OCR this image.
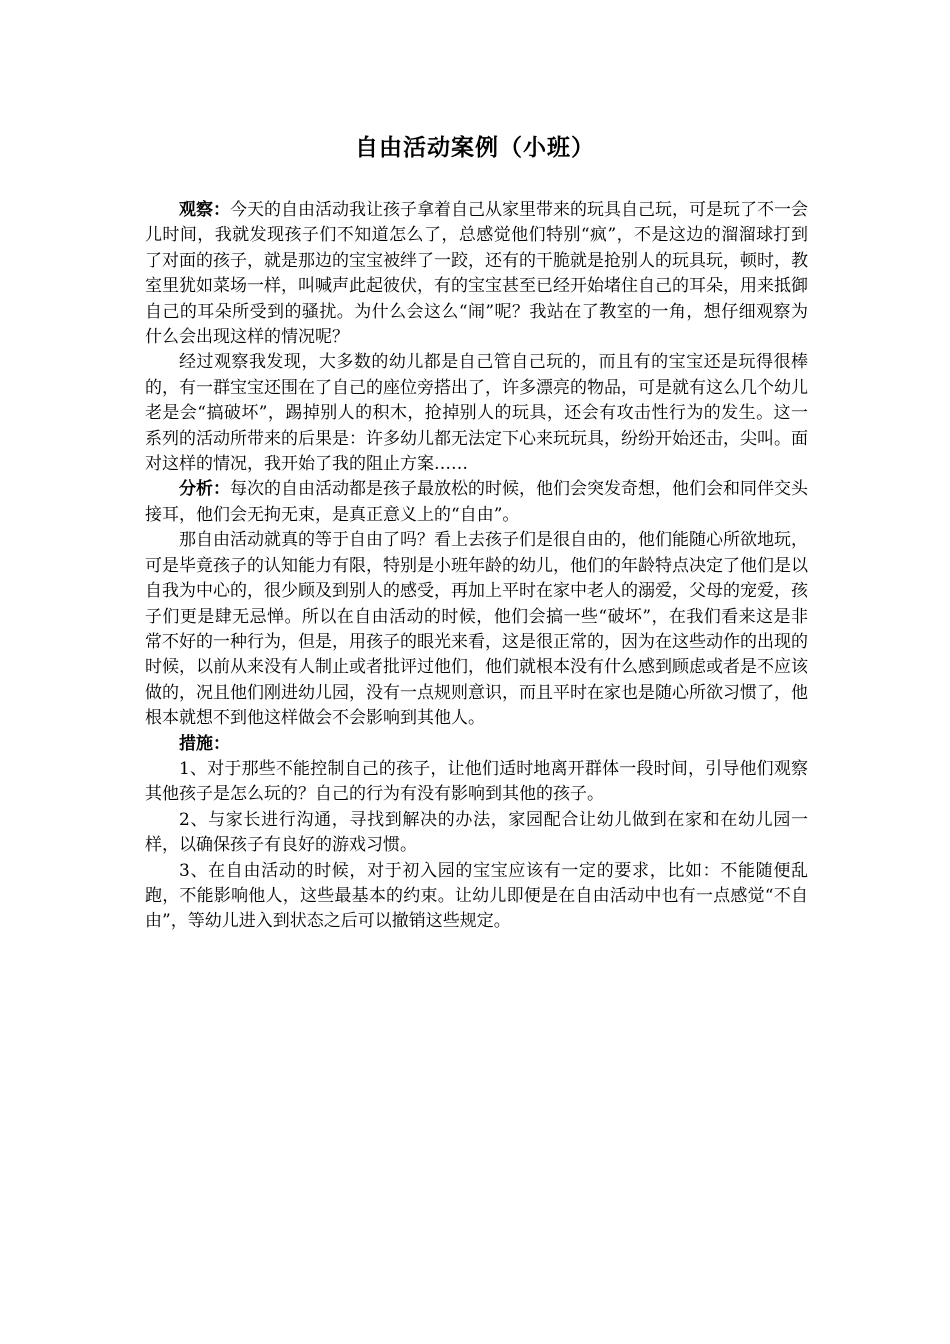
自由活动案例（小班）

观察：今天的自由活动我让孩子拿着自己从家里带来的玩具自己玩，可是玩了不一会儿时间，我就发现孩子们不知道怎么了，总感觉他们特别“疯”，不是这边的溜溜球打到了对面的孩子，就是那边的宝宝被绊了一跤，还有的干脆就是抢别人的玩具玩，顿时，教室里犹如菜场一样，叫喊声此起彼伏，有的宝宝甚至已经开始堵住自己的耳朵，用来抵御自己的耳朵所受到的骚扰。为什么会这么“闹”呢？我站在了教室的一角，想仔细观察为什么会出现这样的情况呢？

经过观察我发现，大多数的幼儿都是自己管自己玩的，而且有的宝宝还是玩得很棒的，有一群宝宝还围在了自己的座位旁搭出了，许多漂亮的物品，可是就有这么几个幼儿老是会“搞破坏”，踢掉别人的积木，抢掉别人的玩具，还会有攻击性行为的发生。这一系列的活动所带来的后果是：许多幼儿都无法定下心来玩玩具，纷纷开始还击，尖叫。面对这样的情况，我开始了我的阻止方案……

分析：每次的自由活动都是孩子最放松的时候，他们会突发奇想，他们会和同伴交头接耳，他们会无拘无束，是真正意义上的“自由”。

那自由活动就真的等于自由了吗？看上去孩子们是很自由的，他们能随心所欲地玩，可是毕竟孩子的认知能力有限，特别是小班年龄的幼儿，他们的年龄特点决定了他们是以自我为中心的，很少顾及到别人的感受，再加上平时在家中老人的溺爱，父母的宠爱，孩子们更是肆无忌惮。所以在自由活动的时候，他们会搞一些“破坏”，在我们看来这是非常不好的一种行为，但是，用孩子的眼光来看，这是很正常的，因为在这些动作的出现的时候，以前从来没有人制止或者批评过他们，他们就根本没有什么感到顾虑或者是不应该做的，况且他们刚进幼儿园，没有一点规则意识，而且平时在家也是随心所欲习惯了，他根本就想不到他这样做会不会影响到其他人。

措施：

1、对于那些不能控制自己的孩子，让他们适时地离开群体一段时间，引导他们观察其他孩子是怎么玩的？自己的行为有没有影响到其他的孩子。

2、与家长进行沟通，寻找到解决的办法，家园配合让幼儿做到在家和在幼儿园一样，以确保孩子有良好的游戏习惯。

3、在自由活动的时候，对于初入园的宝宝应该有一定的要求，比如：不能随便乱跑，不能影响他人，这些最基本的约束。让幼儿即便是在自由活动中也有一点感觉“不自由”，等幼儿进入到状态之后可以撤销这些规定。
